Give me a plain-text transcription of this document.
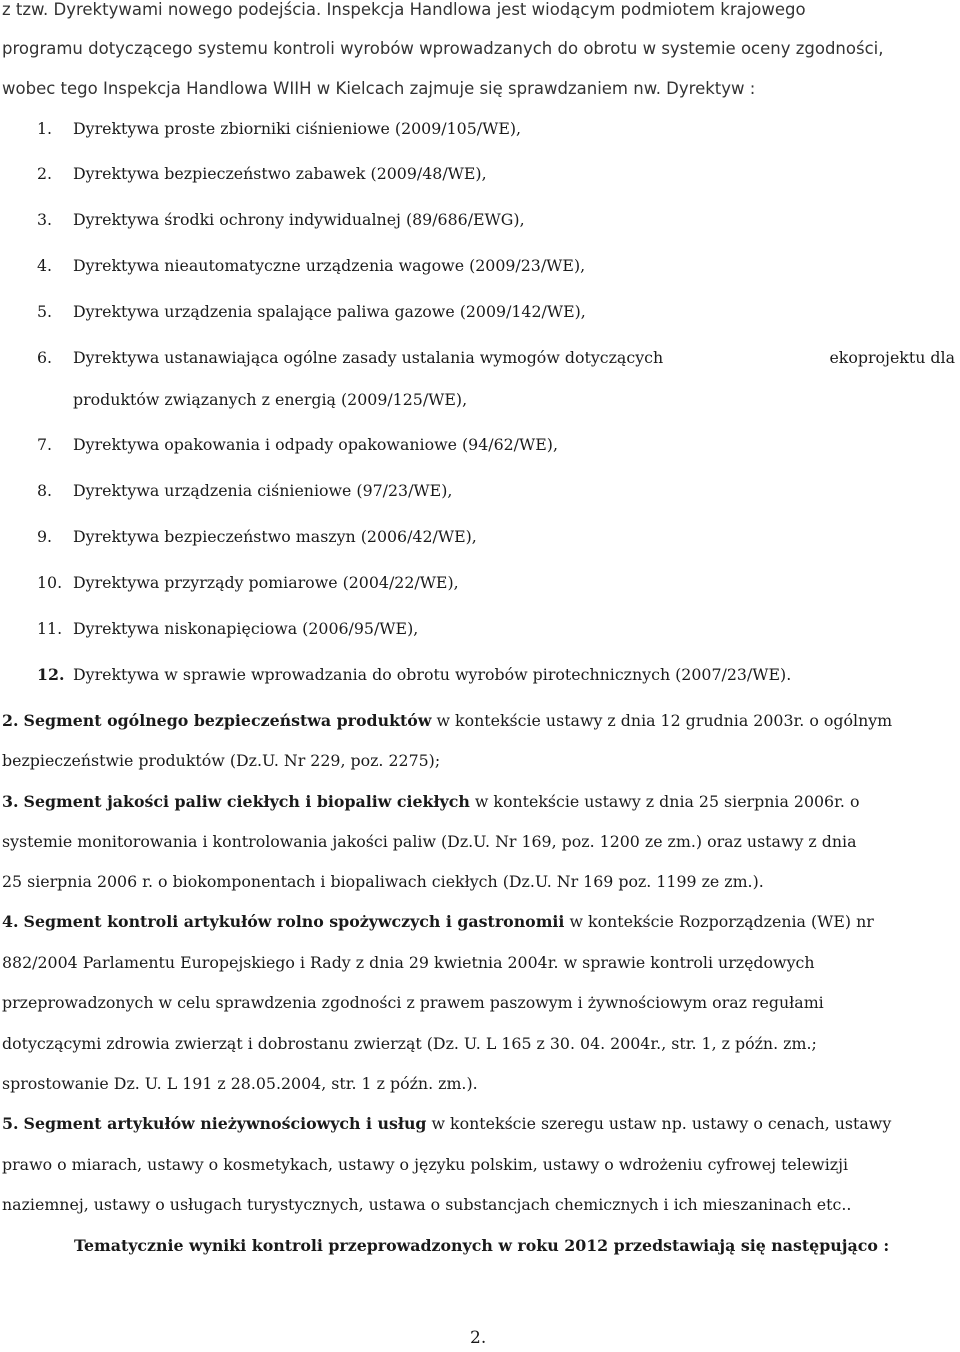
z tzw. Dyrektywami nowego podejścia. Inspekcja Handlowa jest wiodącym podmiotem krajowego
programu dotyczącego systemu kontroli wyrobów wprowadzanych do obrotu w systemie oceny zgodności,
wobec tego Inspekcja Handlowa WIIH w Kielcach zajmuje się sprawdzaniem nw. Dyrektyw :
1. Dyrektywa proste zbiorniki ciśnieniowe (2009/105/WE),
2. Dyrektywa bezpieczeństwo zabawek (2009/48/WE),
3. Dyrektywa środki ochrony indywidualnej (89/686/EWG),
4. Dyrektywa nieautomatyczne urządzenia wagowe (2009/23/WE),
5. Dyrektywa urządzenia spalające paliwa gazowe (2009/142/WE),
6. Dyrektywa ustanawiająca ogólne zasady ustalania wymogów dotyczących	ekoprojektu dla
produktów związanych z energią (2009/125/WE),
7. Dyrektywa opakowania i odpady opakowaniowe (94/62/WE),
8. Dyrektywa urządzenia ciśnieniowe (97/23/WE),
9. Dyrektywa bezpieczeństwo maszyn (2006/42/WE),
10. Dyrektywa przyrządy pomiarowe (2004/22/WE),
11. Dyrektywa niskonapięciowa (2006/95/WE),
12. Dyrektywa w sprawie wprowadzania do obrotu wyrobów pirotechnicznych (2007/23/WE).
2. Segment ogólnego bezpieczeństwa produktów w kontekście ustawy z dnia 12 grudnia 2003r. o ogólnym
bezpieczeństwie produktów (Dz.U. Nr 229, poz. 2275);
3. Segment jakości paliw ciekłych i biopaliw ciekłych w kontekście ustawy z dnia 25 sierpnia 2006r. o
systemie monitorowania i kontrolowania jakości paliw (Dz.U. Nr 169, poz. 1200 ze zm.) oraz ustawy z dnia
25 sierpnia 2006 r. o biokomponentach i biopaliwach ciekłych (Dz.U. Nr 169 poz. 1199 ze zm.).
4. Segment kontroli artykułów rolno spożywczych i gastronomii w kontekście Rozporządzenia (WE) nr
882/2004 Parlamentu Europejskiego i Rady z dnia 29 kwietnia 2004r. w sprawie kontroli urzędowych
przeprowadzonych w celu sprawdzenia zgodności z prawem paszowym i żywnościowym oraz regułami
dotyczącymi zdrowia zwierząt i dobrostanu zwierząt (Dz. U. L 165 z 30. 04. 2004r., str. 1, z późn. zm.;
sprostowanie Dz. U. L 191 z 28.05.2004, str. 1 z późn. zm.).
5. Segment artykułów nieżywnościowych i usług w kontekście szeregu ustaw np. ustawy o cenach, ustawy
prawo o miarach, ustawy o kosmetykach, ustawy o języku polskim, ustawy o wdrożeniu cyfrowej telewizji
naziemnej, ustawy o usługach turystycznych, ustawa o substancjach chemicznych i ich mieszaninach etc..
Tematycznie wyniki kontroli przeprowadzonych w roku 2012 przedstawiają się następująco :
2.
